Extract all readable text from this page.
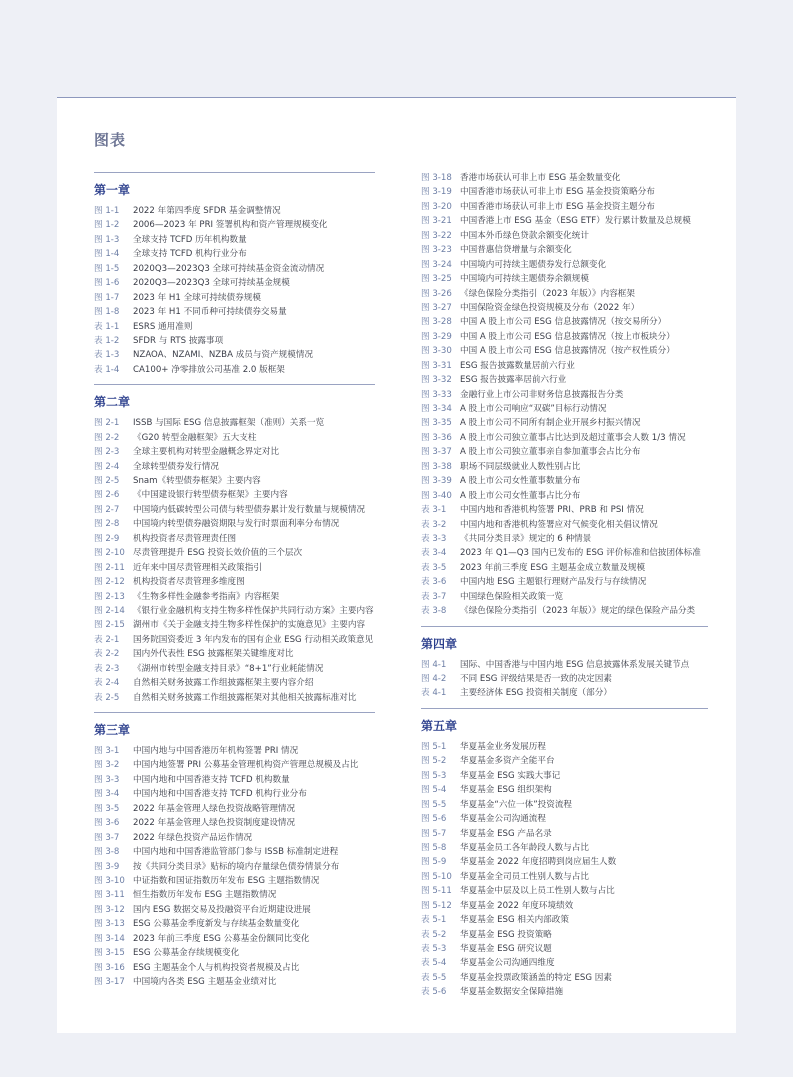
图表
第一章
图 1-1	2022 年第四季度 SFDR 基金调整情况
图 1-2	2006—2023 年 PRI 签署机构和资产管理规模变化
图 1-3	全球支持 TCFD 历年机构数量
图 1-4	全球支持 TCFD 机构行业分布
图 1-5	2020Q3—2023Q3 全球可持续基金资金流动情况
图 1-6	2020Q3—2023Q3 全球可持续基金规模
图 1-7	2023 年 H1 全球可持续债券规模
图 1-8	2023 年 H1 不同币种可持续债券交易量
表 1-1	ESRS 通用准则
表 1-2	SFDR 与 RTS 披露事项
表 1-3	NZAOA、NZAMI、NZBA 成员与资产规模情况
表 1-4	CA100+ 净零排放公司基准 2.0 版框架
第二章
图 2-1	ISSB 与国际 ESG 信息披露框架（准则）关系一览
图 2-2	《G20 转型金融框架》五大支柱
图 2-3	全球主要机构对转型金融概念界定对比
图 2-4	全球转型债券发行情况
图 2-5	Snam《转型债券框架》主要内容
图 2-6	《中国建设银行转型债券框架》主要内容
图 2-7	中国境内低碳转型公司债与转型债券累计发行数量与规模情况
图 2-8	中国境内转型债券融资期限与发行时票面利率分布情况
图 2-9	机构投资者尽责管理责任图
图 2-10 尽责管理提升 ESG 投资长效价值的三个层次
图 2-11 近年来中国尽责管理相关政策指引
图 2-12 机构投资者尽责管理多维度图
图 2-13 《生物多样性金融参考指南》内容框架
图 2-14 《银行业金融机构支持生物多样性保护共同行动方案》主要内容
图 2-15 湖州市《关于金融支持生物多样性保护的实施意见》主要内容
表 2-1	国务院国资委近 3 年内发布的国有企业 ESG 行动相关政策意见
表 2-2	国内外代表性 ESG 披露框架关键维度对比
表 2-3	《湖州市转型金融支持目录》“8+1”行业耗能情况
表 2-4	自然相关财务披露工作组披露框架主要内容介绍
表 2-5	自然相关财务披露工作组披露框架对其他相关披露标准对比
第三章
图 3-1	中国内地与中国香港历年机构签署 PRI 情况
图 3-2	中国内地签署 PRI 公募基金管理机构资产管理总规模及占比
图 3-3	中国内地和中国香港支持 TCFD 机构数量
图 3-4	中国内地和中国香港支持 TCFD 机构行业分布
图 3-5	2022 年基金管理人绿色投资战略管理情况
图 3-6	2022 年基金管理人绿色投资制度建设情况
图 3-7	2022 年绿色投资产品运作情况
图 3-8	中国内地和中国香港监管部门参与 ISSB 标准制定进程
图 3-9	按《共同分类目录》贴标的境内存量绿色债券情景分布
图 3-10 中证指数和国证指数历年发布 ESG 主题指数情况
图 3-11 恒生指数历年发布 ESG 主题指数情况
图 3-12 国内 ESG 数据交易及投融资平台近期建设进展
图 3-13 ESG 公募基金季度新发与存续基金数量变化
图 3-14 2023 年前三季度 ESG 公募基金份额同比变化
图 3-15 ESG 公募基金存续规模变化
图 3-16 ESG 主题基金个人与机构投资者规模及占比
图 3-17 中国境内各类 ESG 主题基金业绩对比
图 3-18 香港市场获认可非上市 ESG 基金数量变化
图 3-19 中国香港市场获认可非上市 ESG 基金投资策略分布
图 3-20 中国香港市场获认可非上市 ESG 基金投资主题分布
图 3-21 中国香港上市 ESG 基金（ESG ETF）发行累计数量及总规模
图 3-22 中国本外币绿色贷款余额变化统计
图 3-23 中国普惠信贷增量与余额变化
图 3-24 中国境内可持续主题债券发行总额变化
图 3-25 中国境内可持续主题债券余额规模
图 3-26 《绿色保险分类指引（2023 年版）》内容框架
图 3-27 中国保险资金绿色投资规模及分布（2022 年）
图 3-28 中国 A 股上市公司 ESG 信息披露情况（按交易所分）
图 3-29 中国 A 股上市公司 ESG 信息披露情况（按上市板块分）
图 3-30 中国 A 股上市公司 ESG 信息披露情况（按产权性质分）
图 3-31 ESG 报告披露数量居前六行业
图 3-32 ESG 报告披露率居前六行业
图 3-33 金融行业上市公司非财务信息披露报告分类
图 3-34 A 股上市公司响应“双碳”目标行动情况
图 3-35 A 股上市公司不同所有制企业开展乡村振兴情况
图 3-36 A 股上市公司独立董事占比达到及超过董事会人数 1/3 情况
图 3-37 A 股上市公司独立董事亲自参加董事会占比分布
图 3-38 职场不同层级就业人数性别占比
图 3-39 A 股上市公司女性董事数量分布
图 3-40 A 股上市公司女性董事占比分布
表 3-1	中国内地和香港机构签署 PRI、PRB 和 PSI 情况
表 3-2	中国内地和香港机构签署应对气候变化相关倡议情况
表 3-3	《共同分类目录》规定的 6 种情景
表 3-4	2023 年 Q1—Q3 国内已发布的 ESG 评价标准和信披团体标准
表 3-5	2023 年前三季度 ESG 主题基金成立数量及规模
表 3-6	中国内地 ESG 主题银行理财产品发行与存续情况
表 3-7	中国绿色保险相关政策一览
表 3-8	《绿色保险分类指引（2023 年版）》规定的绿色保险产品分类
第四章
图 4-1	国际、中国香港与中国内地 ESG 信息披露体系发展关键节点
图 4-2	不同 ESG 评级结果是否一致的决定因素
表 4-1	主要经济体 ESG 投资相关制度（部分）
第五章
图 5-1	华夏基金业务发展历程
图 5-2	华夏基金多资产全能平台
图 5-3	华夏基金 ESG 实践大事记
图 5-4	华夏基金 ESG 组织架构
图 5-5	华夏基金“六位一体”投资流程
图 5-6	华夏基金公司沟通流程
图 5-7	华夏基金 ESG 产品名录
图 5-8	华夏基金员工各年龄段人数与占比
图 5-9	华夏基金 2022 年度招聘到岗应届生人数
图 5-10 华夏基金全司员工性别人数与占比
图 5-11 华夏基金中层及以上员工性别人数与占比
图 5-12 华夏基金 2022 年度环境绩效
表 5-1	华夏基金 ESG 相关内部政策
表 5-2	华夏基金 ESG 投资策略
表 5-3	华夏基金 ESG 研究议题
表 5-4	华夏基金公司沟通四维度
表 5-5	华夏基金投票政策涵盖的特定 ESG 因素
表 5-6	华夏基金数据安全保障措施
